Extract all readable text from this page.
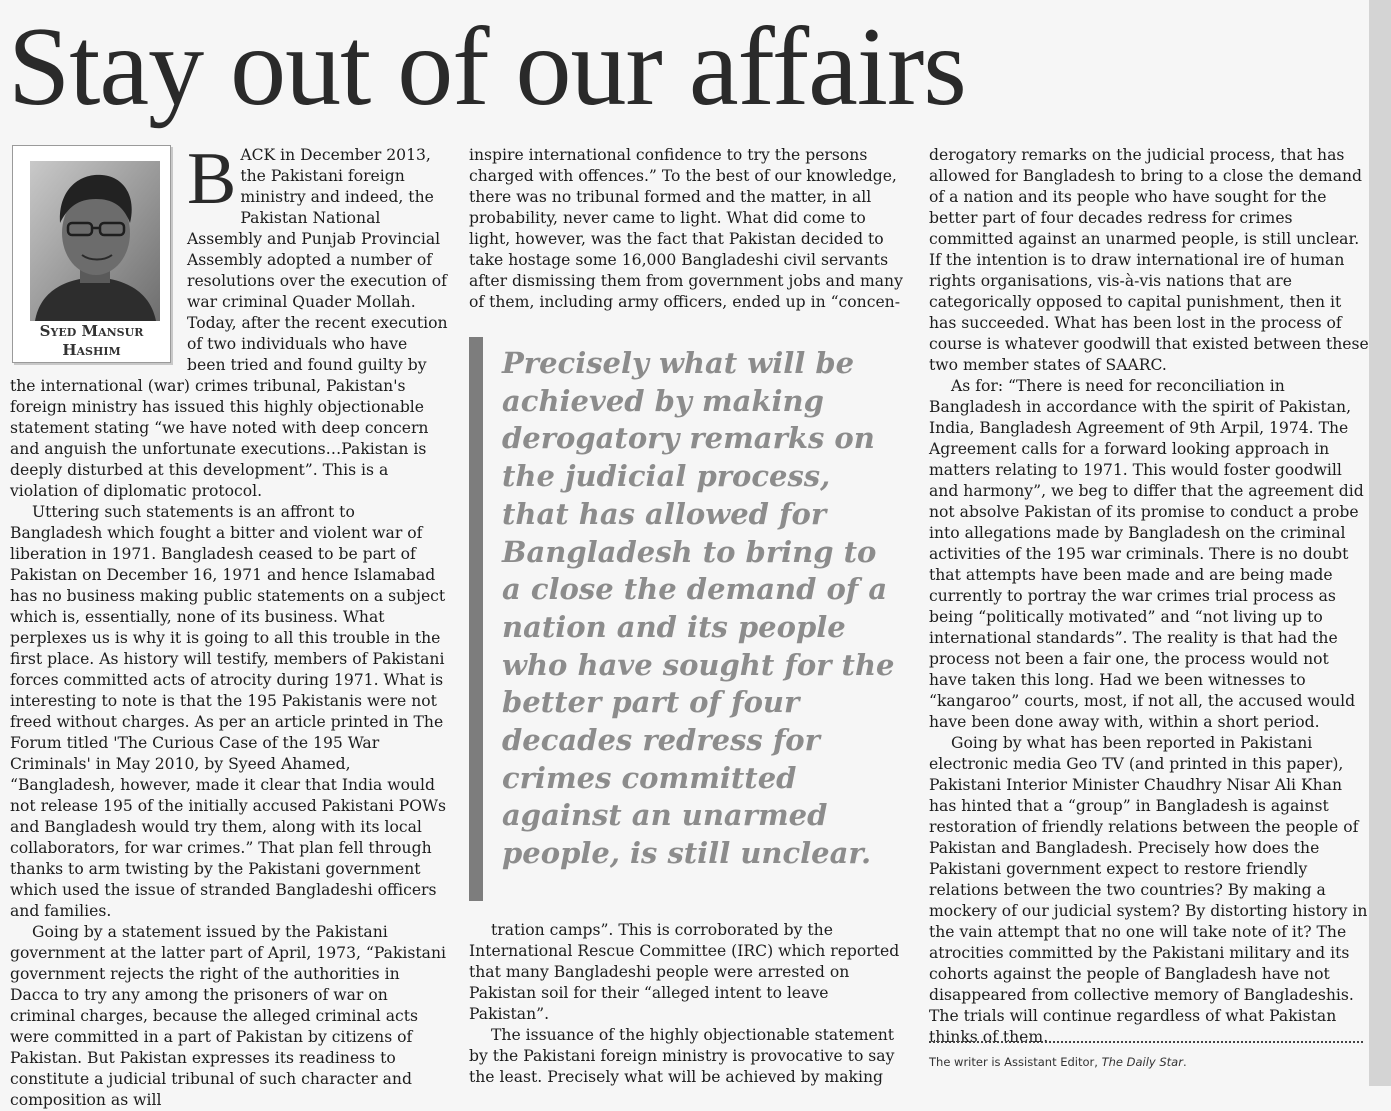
Stay out of our affairs
Syed Mansur
Hashim

BACK in December 2013, the Pakistani foreign ministry and indeed, the Pakistan National Assembly and Punjab Provincial Assembly adopted a number of resolutions over the execution of war criminal Quader Mollah. Today, after the recent execution of two individuals who have been tried and found guilty by the international (war) crimes tribunal, Pakistan's foreign ministry has issued this highly objectionable statement stating “we have noted with deep concern and anguish the unfortunate executions…Pakistan is deeply disturbed at this development”. This is a violation of diplomatic protocol.

Uttering such statements is an affront to Bangladesh which fought a bitter and violent war of liberation in 1971. Bangladesh ceased to be part of Pakistan on December 16, 1971 and hence Islamabad has no business making public statements on a subject which is, essentially, none of its business. What perplexes us is why it is going to all this trouble in the first place. As history will testify, members of Pakistani forces committed acts of atrocity during 1971. What is interesting to note is that the 195 Pakistanis were not freed without charges. As per an article printed in The Forum titled 'The Curious Case of the 195 War Criminals' in May 2010, by Syeed Ahamed, “Bangladesh, however, made it clear that India would not release 195 of the initially accused Pakistani POWs and Bangladesh would try them, along with its local collaborators, for war crimes.” That plan fell through thanks to arm twisting by the Pakistani government which used the issue of stranded Bangladeshi officers and families.

Going by a statement issued by the Pakistani government at the latter part of April, 1973, “Pakistani government rejects the right of the authorities in Dacca to try any among the prisoners of war on criminal charges, because the alleged criminal acts were committed in a part of Pakistan by citizens of Pakistan. But Pakistan expresses its readiness to constitute a judicial tribunal of such character and composition as will

inspire international confidence to try the persons charged with offences.” To the best of our knowledge, there was no tribunal formed and the matter, in all probability, never came to light. What did come to light, however, was the fact that Pakistan decided to take hostage some 16,000 Bangladeshi civil servants after dismissing them from government jobs and many of them, including army officers, ended up in “concen-

Precisely what will be achieved by making derogatory remarks on the judicial process, that has allowed for Bangladesh to bring to a close the demand of a nation and its people who have sought for the better part of four decades redress for crimes committed against an unarmed people, is still unclear.

tration camps”. This is corroborated by the International Rescue Committee (IRC) which reported that many Bangladeshi people were arrested on Pakistan soil for their “alleged intent to leave Pakistan”.

The issuance of the highly objectionable statement by the Pakistani foreign ministry is provocative to say the least. Precisely what will be achieved by making

derogatory remarks on the judicial process, that has allowed for Bangladesh to bring to a close the demand of a nation and its people who have sought for the better part of four decades redress for crimes committed against an unarmed people, is still unclear. If the intention is to draw international ire of human rights organisations, vis-à-vis nations that are categorically opposed to capital punishment, then it has succeeded. What has been lost in the process of course is whatever goodwill that existed between these two member states of SAARC.

As for: “There is need for reconciliation in Bangladesh in accordance with the spirit of Pakistan, India, Bangladesh Agreement of 9th Arpil, 1974. The Agreement calls for a forward looking approach in matters relating to 1971. This would foster goodwill and harmony”, we beg to differ that the agreement did not absolve Pakistan of its promise to conduct a probe into allegations made by Bangladesh on the criminal activities of the 195 war criminals. There is no doubt that attempts have been made and are being made currently to portray the war crimes trial process as being “politically motivated” and “not living up to international standards”. The reality is that had the process not been a fair one, the process would not have taken this long. Had we been witnesses to “kangaroo” courts, most, if not all, the accused would have been done away with, within a short period.

Going by what has been reported in Pakistani electronic media Geo TV (and printed in this paper), Pakistani Interior Minister Chaudhry Nisar Ali Khan has hinted that a “group” in Bangladesh is against restoration of friendly relations between the people of Pakistan and Bangladesh. Precisely how does the Pakistani government expect to restore friendly relations between the two countries? By making a mockery of our judicial system? By distorting history in the vain attempt that no one will take note of it? The atrocities committed by the Pakistani military and its cohorts against the people of Bangladesh have not disappeared from collective memory of Bangladeshis. The trials will continue regardless of what Pakistan thinks of them.

The writer is Assistant Editor, The Daily Star.
